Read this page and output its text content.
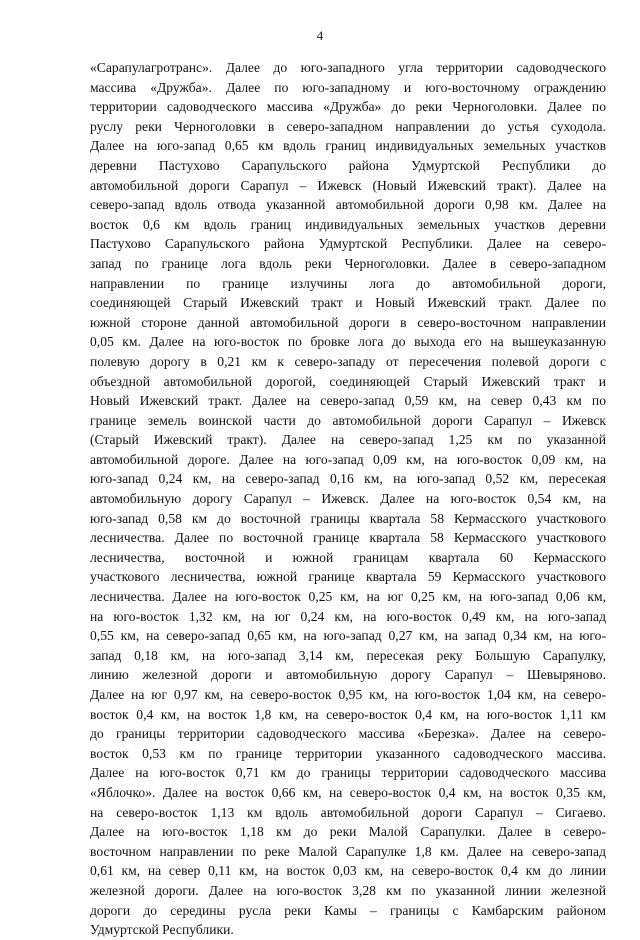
4
«Сарапулагротранс». Далее до юго-западного угла территории садоводческого
массива «Дружба». Далее по юго-западному и юго-восточному ограждению
территории садоводческого массива «Дружба» до реки Черноголовки. Далее по
руслу реки Черноголовки в северо-западном направлении до устья суходола.
Далее на юго-запад 0,65 км вдоль границ индивидуальных земельных участков
деревни Пастухово Сарапульского района Удмуртской Республики до
автомобильной дороги Сарапул – Ижевск (Новый Ижевский тракт). Далее на
северо-запад вдоль отвода указанной автомобильной дороги 0,98 км. Далее на
восток 0,6 км вдоль границ индивидуальных земельных участков деревни
Пастухово Сарапульского района Удмуртской Республики. Далее на северо-
запад по границе лога вдоль реки Черноголовки. Далее в северо-западном
направлении по границе излучины лога до автомобильной дороги,
соединяющей Старый Ижевский тракт и Новый Ижевский тракт. Далее по
южной стороне данной автомобильной дороги в северо-восточном направлении
0,05 км. Далее на юго-восток по бровке лога до выхода его на вышеуказанную
полевую дорогу в 0,21 км к северо-западу от пересечения полевой дороги с
объездной автомобильной дорогой, соединяющей Старый Ижевский тракт и
Новый Ижевский тракт. Далее на северо-запад 0,59 км, на север 0,43 км по
границе земель воинской части до автомобильной дороги Сарапул – Ижевск
(Старый Ижевский тракт). Далее на северо-запад 1,25 км по указанной
автомобильной дороге. Далее на юго-запад 0,09 км, на юго-восток 0,09 км, на
юго-запад 0,24 км, на северо-запад 0,16 км, на юго-запад 0,52 км, пересекая
автомобильную дорогу Сарапул – Ижевск. Далее на юго-восток 0,54 км, на
юго-запад 0,58 км до восточной границы квартала 58 Кермасского участкового
лесничества. Далее по восточной границе квартала 58 Кермасского участкового
лесничества, восточной и южной границам квартала 60 Кермасского
участкового лесничества, южной границе квартала 59 Кермасского участкового
лесничества. Далее на юго-восток 0,25 км, на юг 0,25 км, на юго-запад 0,06 км,
на юго-восток 1,32 км, на юг 0,24 км, на юго-восток 0,49 км, на юго-запад
0,55 км, на северо-запад 0,65 км, на юго-запад 0,27 км, на запад 0,34 км, на юго-
запад 0,18 км, на юго-запад 3,14 км, пересекая реку Большую Сарапулку,
линию железной дороги и автомобильную дорогу Сарапул – Шевыряново.
Далее на юг 0,97 км, на северо-восток 0,95 км, на юго-восток 1,04 км, на северо-
восток 0,4 км, на восток 1,8 км, на северо-восток 0,4 км, на юго-восток 1,11 км
до границы территории садоводческого массива «Березка». Далее на северо-
восток 0,53 км по границе территории указанного садоводческого массива.
Далее на юго-восток 0,71 км до границы территории садоводческого массива
«Яблочко». Далее на восток 0,66 км, на северо-восток 0,4 км, на восток 0,35 км,
на северо-восток 1,13 км вдоль автомобильной дороги Сарапул – Сигаево.
Далее на юго-восток 1,18 км до реки Малой Сарапулки. Далее в северо-
восточном направлении по реке Малой Сарапулке 1,8 км. Далее на северо-запад
0,61 км, на север 0,11 км, на восток 0,03 км, на северо-восток 0,4 км до линии
железной дороги. Далее на юго-восток 3,28 км по указанной линии железной
дороги до середины русла реки Камы – границы с Камбарским районом
Удмуртской Республики.
